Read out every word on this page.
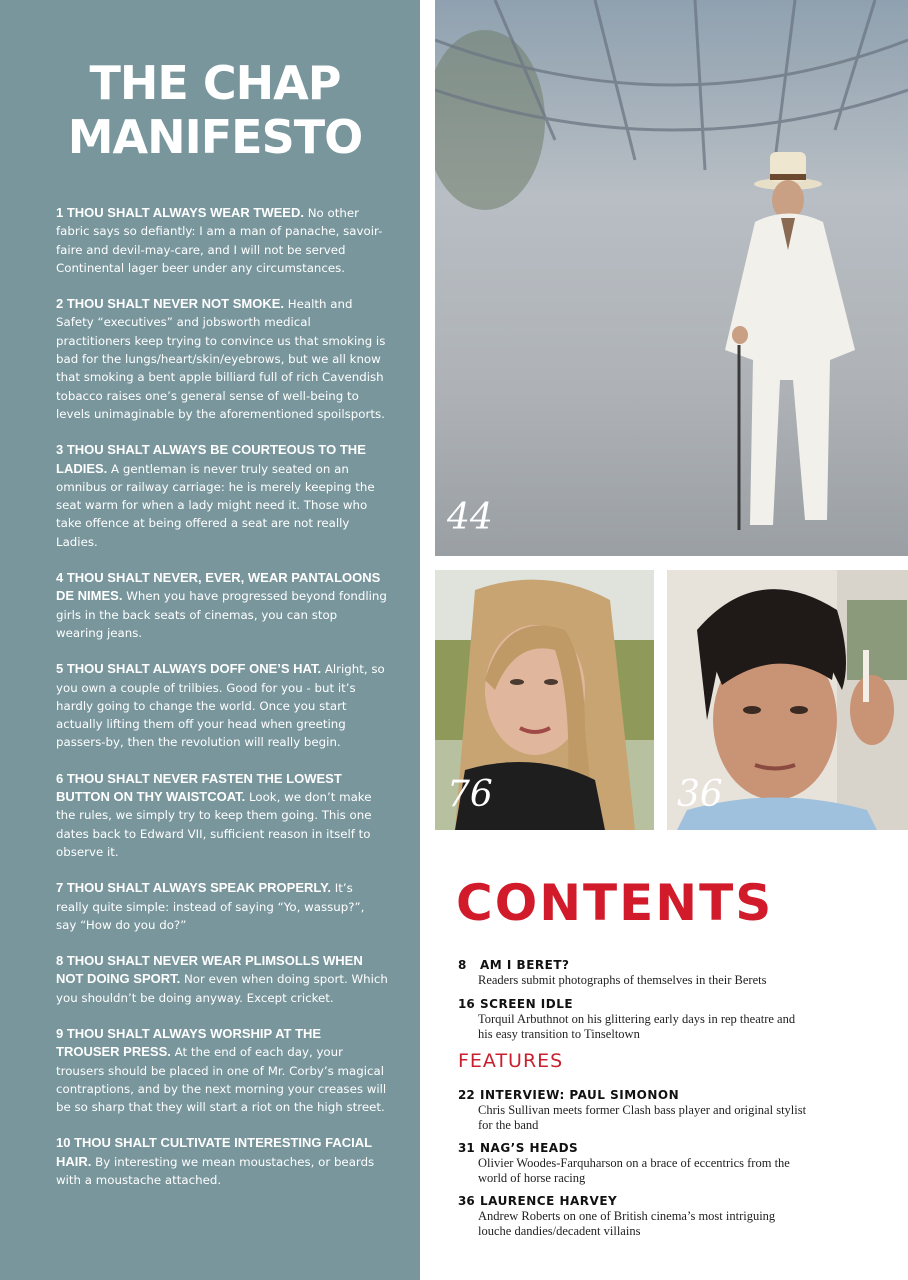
THE CHAP
MANIFESTO
1 THOU SHALT ALWAYS WEAR TWEED. No other fabric says so defiantly: I am a man of panache, savoir-faire and devil-may-care, and I will not be served Continental lager beer under any circumstances.
2 THOU SHALT NEVER NOT SMOKE. Health and Safety “executives” and jobsworth medical practitioners keep trying to convince us that smoking is bad for the lungs/heart/skin/eyebrows, but we all know that smoking a bent apple billiard full of rich Cavendish tobacco raises one’s general sense of well-being to levels unimaginable by the aforementioned spoilsports.
3 THOU SHALT ALWAYS BE COURTEOUS TO THE LADIES. A gentleman is never truly seated on an omnibus or railway carriage: he is merely keeping the seat warm for when a lady might need it. Those who take offence at being offered a seat are not really Ladies.
4 THOU SHALT NEVER, EVER, WEAR PANTALOONS DE NIMES. When you have progressed beyond fondling girls in the back seats of cinemas, you can stop wearing jeans.
5 THOU SHALT ALWAYS DOFF ONE’S HAT. Alright, so you own a couple of trilbies. Good for you - but it’s hardly going to change the world. Once you start actually lifting them off your head when greeting passers-by, then the revolution will really begin.
6 THOU SHALT NEVER FASTEN THE LOWEST BUTTON ON THY WAISTCOAT. Look, we don’t make the rules, we simply try to keep them going. This one dates back to Edward VII, sufficient reason in itself to observe it.
7 THOU SHALT ALWAYS SPEAK PROPERLY. It’s really quite simple: instead of saying “Yo, wassup?”, say “How do you do?”
8 THOU SHALT NEVER WEAR PLIMSOLLS WHEN NOT DOING SPORT. Nor even when doing sport. Which you shouldn’t be doing anyway. Except cricket.
9 THOU SHALT ALWAYS WORSHIP AT THE TROUSER PRESS. At the end of each day, your trousers should be placed in one of Mr. Corby’s magical contraptions, and by the next morning your creases will be so sharp that they will start a riot on the high street.
10 THOU SHALT CULTIVATE INTERESTING FACIAL HAIR. By interesting we mean moustaches, or beards with a moustache attached.
44
76	36
CONTENTS
8 AM I BERET?
Readers submit photographs of themselves in their Berets
16 SCREEN IDLE
Torquil Arbuthnot on his glittering early days in rep theatre and his easy transition to Tinseltown
FEATURES
22 INTERVIEW: PAUL SIMONON
Chris Sullivan meets former Clash bass player and original stylist for the band
31 NAG’S HEADS
Olivier Woodes-Farquharson on a brace of eccentrics from the world of horse racing
36 LAURENCE HARVEY
Andrew Roberts on one of British cinema’s most intriguing louche dandies/decadent villains
